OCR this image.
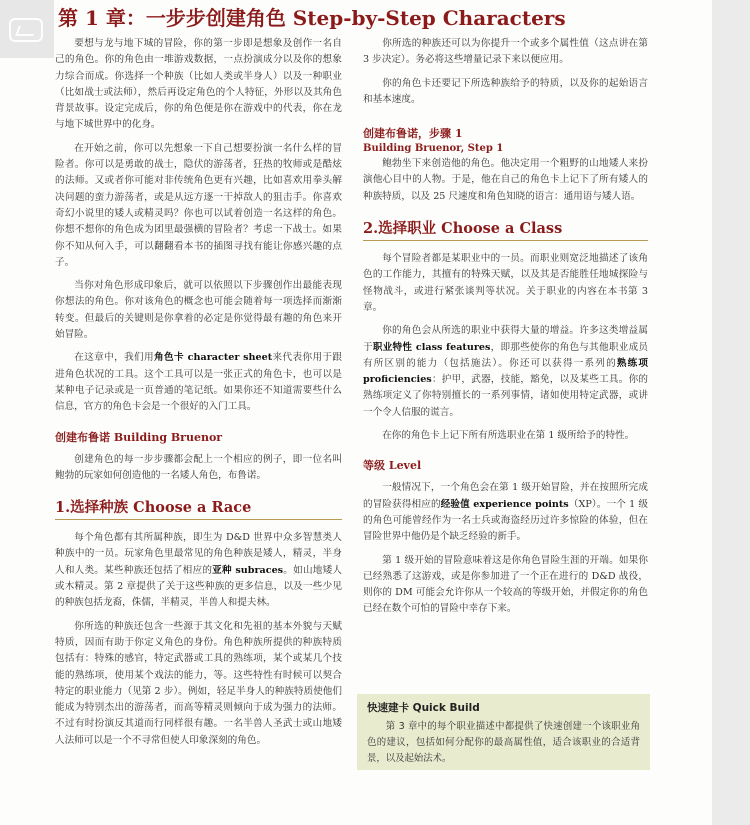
第 1 章：一步步创建角色 Step-by-Step Characters

要想与龙与地下城的冒险，你的第一步即是想象及创作一名自己的角色。你的角色由一堆游戏数据，一点扮演成分以及你的想象力综合而成。你选择一个种族（比如人类或半身人）以及一种职业（比如战士或法师），然后再设定角色的个人特征，外形以及其角色背景故事。设定完成后，你的角色便是你在游戏中的代表，你在龙与地下城世界中的化身。

在开始之前，你可以先想象一下自己想要扮演一名什么样的冒险者。你可以是勇敢的战士，隐伏的游荡者，狂热的牧师或是酷炫的法师。又或者你可能对非传统角色更有兴趣，比如喜欢用拳头解决问题的蛮力游荡者，或是从远方逐一干掉敌人的狙击手。你喜欢奇幻小说里的矮人或精灵吗？你也可以试着创造一名这样的角色。你想不想你的角色成为团里最强横的冒险者？考虑一下战士。如果你不知从何入手，可以翻翻看本书的插图寻找有能让你感兴趣的点子。

当你对角色形成印象后，就可以依照以下步骤创作出最能表现你想法的角色。你对该角色的概念也可能会随着每一项选择而渐渐转变。但最后的关键则是你拿着的必定是你觉得最有趣的角色来开始冒险。

在这章中，我们用角色卡 character sheet来代表你用于跟进角色状况的工具。这个工具可以是一张正式的角色卡，也可以是某种电子记录或是一页普通的笔记纸。如果你还不知道需要些什么信息，官方的角色卡会是一个很好的入门工具。

创建布鲁诺 Building Bruenor

创建角色的每一步步骤都会配上一个相应的例子，即一位名叫鲍勃的玩家如何创造他的一名矮人角色，布鲁诺。

1.选择种族 Choose a Race

每个角色都有其所属种族，即生为 D&D 世界中众多智慧类人种族中的一员。玩家角色里最常见的角色种族是矮人，精灵，半身人和人类。某些种族还包括了相应的亚种 subraces。如山地矮人或木精灵。第 2 章提供了关于这些种族的更多信息，以及一些少见的种族包括龙裔，侏儒，半精灵，半兽人和提夫林。

你所选的种族还包含一些源于其文化和先祖的基本外貌与天赋特质，因而有助于你定义角色的身份。角色种族所提供的种族特质包括有：特殊的感官，特定武器或工具的熟练项，某个或某几个技能的熟练项，使用某个戏法的能力，等。这些特性有时候可以契合特定的职业能力（见第 2 步）。例如，轻足半身人的种族特质使他们能成为特别杰出的游荡者，而高等精灵则倾向于成为强力的法师。不过有时扮演反其道而行同样很有趣。一名半兽人圣武士或山地矮人法师可以是一个不寻常但使人印象深刻的角色。

你所选的种族还可以为你提升一个或多个属性值（这点讲在第 3 步决定）。务必将这些增量记录下来以便应用。

你的角色卡还要记下所选种族给予的特质，以及你的起始语言和基本速度。

创建布鲁诺，步骤 1
Building Bruenor, Step 1

鲍勃坐下来创造他的角色。他决定用一个粗野的山地矮人来扮演他心目中的人物。于是，他在自己的角色卡上记下了所有矮人的种族特质，以及 25 尺速度和角色知晓的语言：通用语与矮人语。

2.选择职业 Choose a Class

每个冒险者都是某职业中的一员。而职业则宽泛地描述了该角色的工作能力，其擅有的特殊天赋，以及其是否能胜任地城探险与怪物战斗，或进行紧张谈判等状况。关于职业的内容在本书第 3 章。

你的角色会从所选的职业中获得大量的增益。许多这类增益属于职业特性 class features，即那些使你的角色与其他职业成员有所区别的能力（包括施法）。你还可以获得一系列的熟练项 proficiencies：护甲，武器，技能，豁免，以及某些工具。你的熟练项定义了你特别擅长的一系列事情，诸如使用特定武器，或讲一个令人信服的谎言。

在你的角色卡上记下所有所选职业在第 1 级所给予的特性。

等级 Level

一般情况下，一个角色会在第 1 级开始冒险，并在按照所完成的冒险获得相应的经验值 experience points（XP）。一个 1 级的角色可能曾经作为一名士兵或海盗经历过许多惊险的体验，但在冒险世界中他仍是个缺乏经验的新手。

第 1 级开始的冒险意味着这是你角色冒险生涯的开端。如果你已经熟悉了这游戏，或是你参加进了一个正在进行的 D&D 战役，则你的 DM 可能会允许你从一个较高的等级开始，并假定你的角色已经在数个可怕的冒险中幸存下来。

快速建卡 Quick Build
第 3 章中的每个职业描述中都提供了快速创建一个该职业角色的建议，包括如何分配你的最高属性值，适合该职业的合适背景，以及起始法术。
